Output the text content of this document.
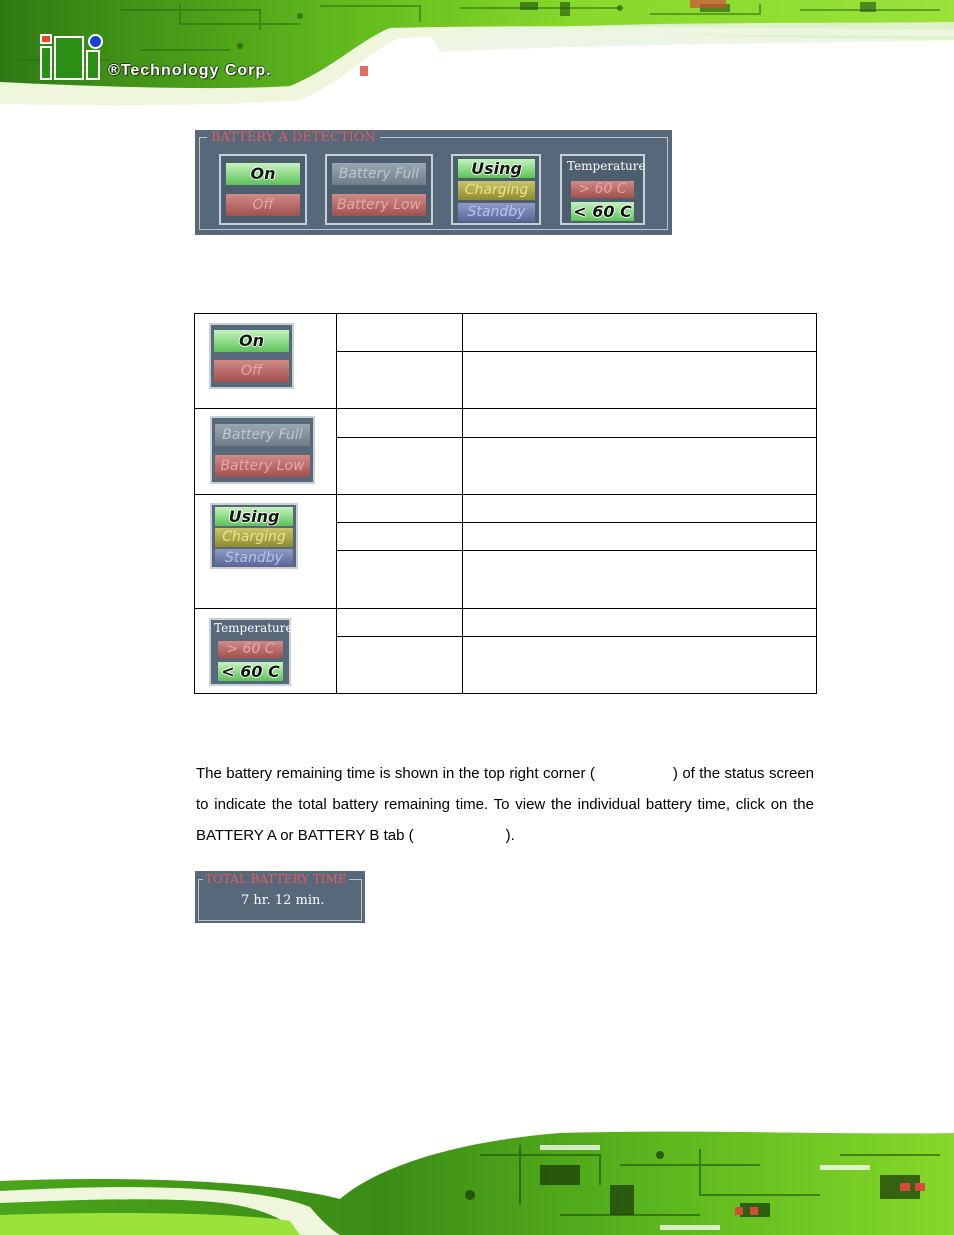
®Technology Corp.
BATTERY A DETECTION
On
Off
Battery Full
Battery Low
Using
Charging
Standby
Temperature
> 60 C
< 60 C
On
Off		

Battery Full
Battery Low		

Using
Charging
Standby		

Temperature
> 60 C
< 60 C		

The battery remaining time is shown in the top right corner (	) of the status screen to indicate the total battery remaining time. To view the individual battery time, click on the BATTERY A or BATTERY B tab (	).

TOTAL BATTERY TIME
7 hr. 12 min.
